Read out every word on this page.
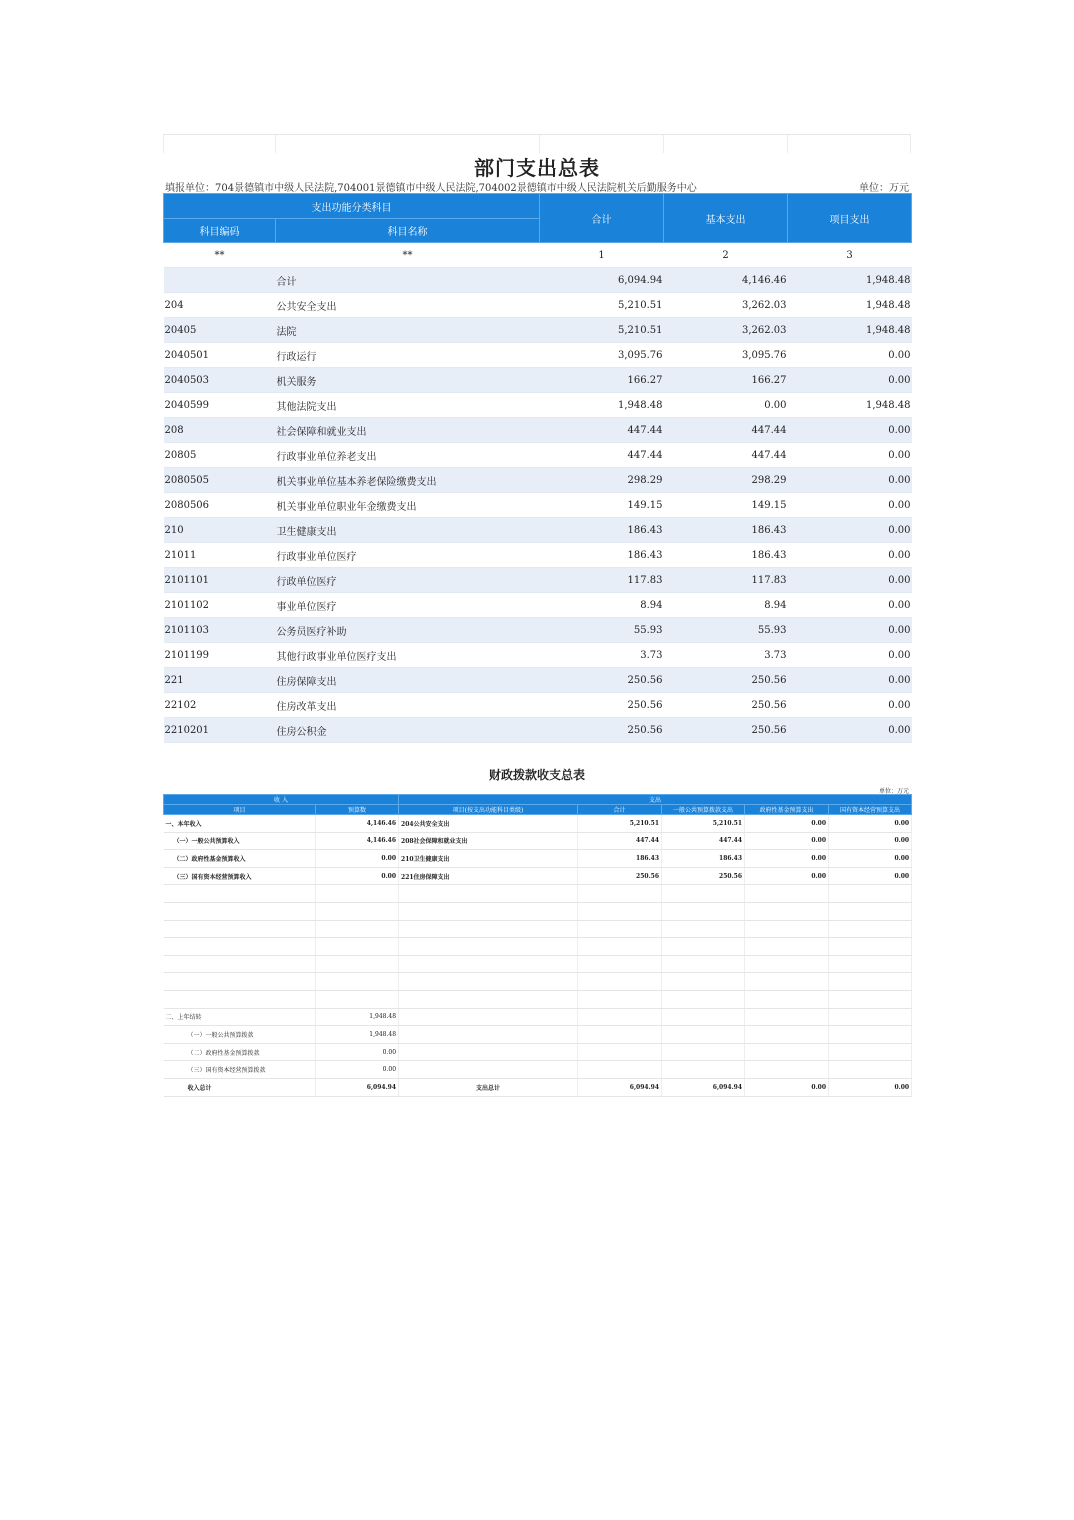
部门支出总表
填报单位：704景德镇市中级人民法院,704001景德镇市中级人民法院,704002景德镇市中级人民法院机关后勤服务中心	单位：万元
支出功能分类科目		合计	基本支出	项目支出
科目编码	科目名称			
**	**	1	2	3
	合计	6,094.94	4,146.46	1,948.48
204	公共安全支出	5,210.51	3,262.03	1,948.48
20405	法院	5,210.51	3,262.03	1,948.48
2040501	行政运行	3,095.76	3,095.76	0.00
2040503	机关服务	166.27	166.27	0.00
2040599	其他法院支出	1,948.48	0.00	1,948.48
208	社会保障和就业支出	447.44	447.44	0.00
20805	行政事业单位养老支出	447.44	447.44	0.00
2080505	机关事业单位基本养老保险缴费支出	298.29	298.29	0.00
2080506	机关事业单位职业年金缴费支出	149.15	149.15	0.00
210	卫生健康支出	186.43	186.43	0.00
21011	行政事业单位医疗	186.43	186.43	0.00
2101101	行政单位医疗	117.83	117.83	0.00
2101102	事业单位医疗	8.94	8.94	0.00
2101103	公务员医疗补助	55.93	55.93	0.00
2101199	其他行政事业单位医疗支出	3.73	3.73	0.00
221	住房保障支出	250.56	250.56	0.00
22102	住房改革支出	250.56	250.56	0.00
2210201	住房公积金	250.56	250.56	0.00
财政拨款收支总表
单位：万元
收 入		支出				
项目	预算数	项目(按支出功能科目类级)	合计	一般公共预算拨款支出	政府性基金预算支出	国有资本经营预算支出
一、本年收入	4,146.46	204公共安全支出	5,210.51	5,210.51	0.00	0.00
（一）一般公共预算收入	4,146.46	208社会保障和就业支出	447.44	447.44	0.00	0.00
（二）政府性基金预算收入	0.00	210卫生健康支出	186.43	186.43	0.00	0.00
（三）国有资本经营预算收入	0.00	221住房保障支出	250.56	250.56	0.00	0.00

二、上年结转	1,948.48					
（一）一般公共预算拨款	1,948.48					
（二）政府性基金预算拨款	0.00					
（三）国有资本经营预算拨款	0.00					
收入总计	6,094.94	支出总计	6,094.94	6,094.94	0.00	0.00
